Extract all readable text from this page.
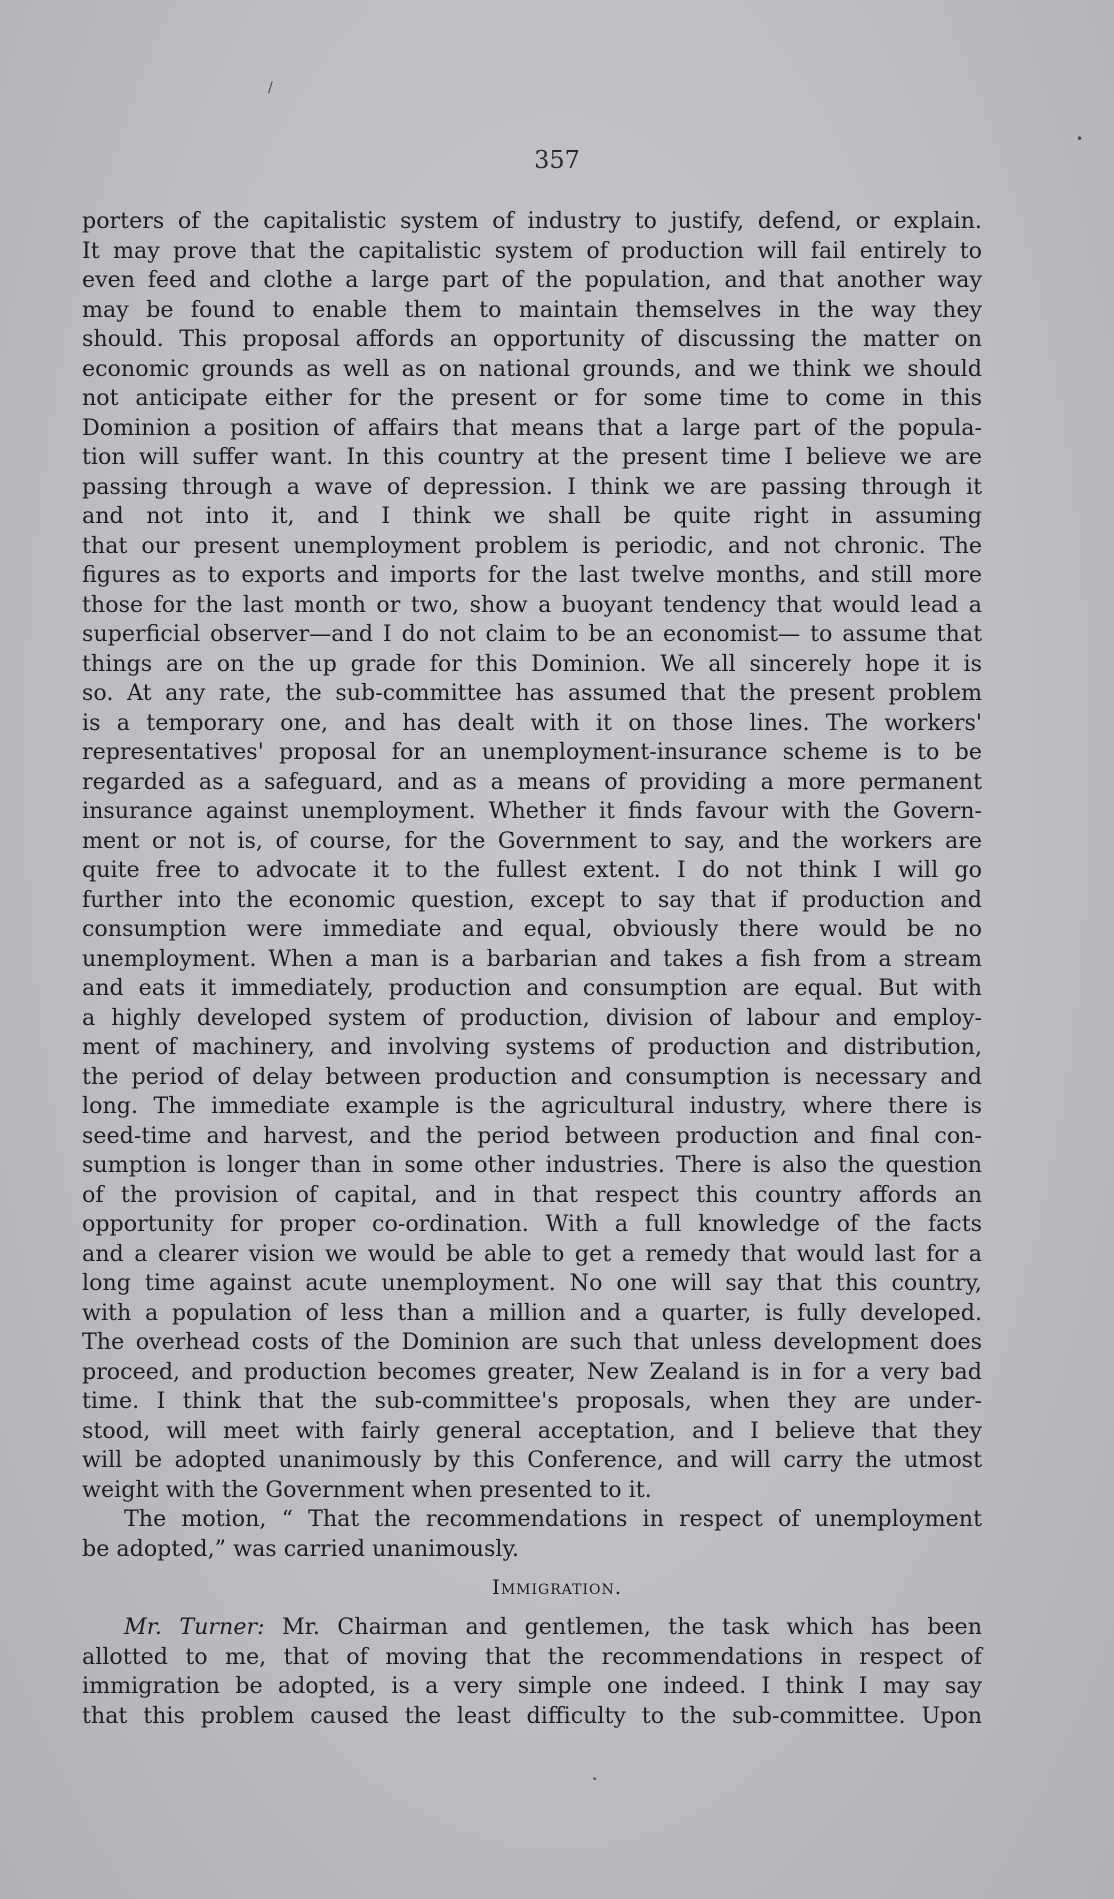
357
porters of the capitalistic system of industry to justify, defend, or explain.
It may prove that the capitalistic system of production will fail entirely to
even feed and clothe a large part of the population, and that another way
may be found to enable them to maintain themselves in the way they
should. This proposal affords an opportunity of discussing the matter on
economic grounds as well as on national grounds, and we think we should
not anticipate either for the present or for some time to come in this
Dominion a position of affairs that means that a large part of the popula-
tion will suffer want. In this country at the present time I believe we are
passing through a wave of depression. I think we are passing through it
and not into it, and I think we shall be quite right in assuming
that our present unemployment problem is periodic, and not chronic. The
figures as to exports and imports for the last twelve months, and still more
those for the last month or two, show a buoyant tendency that would lead a
superficial observer—and I do not claim to be an economist— to assume that
things are on the up grade for this Dominion. We all sincerely hope it is
so. At any rate, the sub-committee has assumed that the present problem
is a temporary one, and has dealt with it on those lines. The workers'
representatives' proposal for an unemployment-insurance scheme is to be
regarded as a safeguard, and as a means of providing a more permanent
insurance against unemployment. Whether it finds favour with the Govern-
ment or not is, of course, for the Government to say, and the workers are
quite free to advocate it to the fullest extent. I do not think I will go
further into the economic question, except to say that if production and
consumption were immediate and equal, obviously there would be no
unemployment. When a man is a barbarian and takes a fish from a stream
and eats it immediately, production and consumption are equal. But with
a highly developed system of production, division of labour and employ-
ment of machinery, and involving systems of production and distribution,
the period of delay between production and consumption is necessary and
long. The immediate example is the agricultural industry, where there is
seed-time and harvest, and the period between production and final con-
sumption is longer than in some other industries. There is also the question
of the provision of capital, and in that respect this country affords an
opportunity for proper co-ordination. With a full knowledge of the facts
and a clearer vision we would be able to get a remedy that would last for a
long time against acute unemployment. No one will say that this country,
with a population of less than a million and a quarter, is fully developed.
The overhead costs of the Dominion are such that unless development does
proceed, and production becomes greater, New Zealand is in for a very bad
time. I think that the sub-committee's proposals, when they are under-
stood, will meet with fairly general acceptation, and I believe that they
will be adopted unanimously by this Conference, and will carry the utmost
weight with the Government when presented to it.
The motion, “ That the recommendations in respect of unemployment
be adopted,” was carried unanimously.
Immigration.
Mr. Turner: Mr. Chairman and gentlemen, the task which has been
allotted to me, that of moving that the recommendations in respect of
immigration be adopted, is a very simple one indeed. I think I may say
that this problem caused the least difficulty to the sub-committee. Upon
/
•
•
